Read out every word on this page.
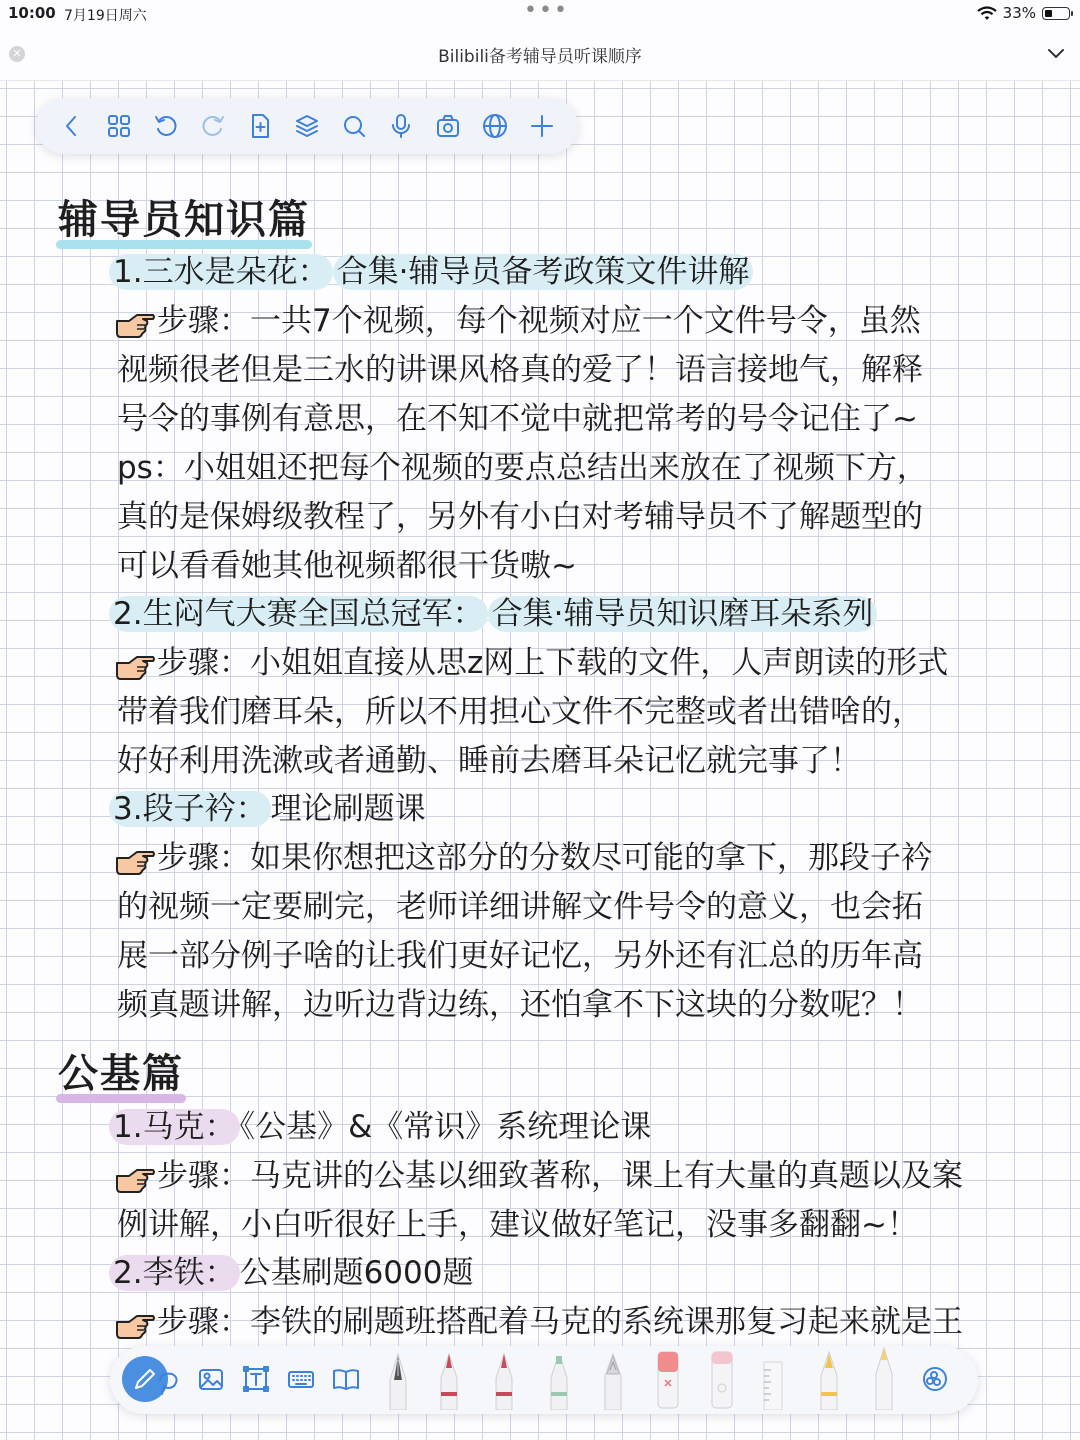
10:00 7月19日周六	•••	33%
✕	Bilibili备考辅导员听课顺序
辅导员知识篇
1.三水是朵花： 合集·辅导员备考政策文件讲解
步骤：一共7个视频，每个视频对应一个文件号令，虽然
视频很老但是三水的讲课风格真的爱了！语言接地气，解释
号令的事例有意思，在不知不觉中就把常考的号令记住了~
ps：小姐姐还把每个视频的要点总结出来放在了视频下方，
真的是保姆级教程了，另外有小白对考辅导员不了解题型的
可以看看她其他视频都很干货嗷~
2.生闷气大赛全国总冠军： 合集·辅导员知识磨耳朵系列
步骤：小姐姐直接从思z网上下载的文件，人声朗读的形式
带着我们磨耳朵，所以不用担心文件不完整或者出错啥的，
好好利用洗漱或者通勤、睡前去磨耳朵记忆就完事了！
3.段子衿： 理论刷题课
步骤：如果你想把这部分的分数尽可能的拿下，那段子衿
的视频一定要刷完，老师详细讲解文件号令的意义，也会拓
展一部分例子啥的让我们更好记忆，另外还有汇总的历年高
频真题讲解，边听边背边练，还怕拿不下这块的分数呢？！
公基篇
1.马克： 《公基》&《常识》系统理论课
步骤：马克讲的公基以细致著称，课上有大量的真题以及案
例讲解，小白听很好上手，建议做好笔记，没事多翻翻~！
2.李铁： 公基刷题6000题
步骤：李铁的刷题班搭配着马克的系统课那复习起来就是王
